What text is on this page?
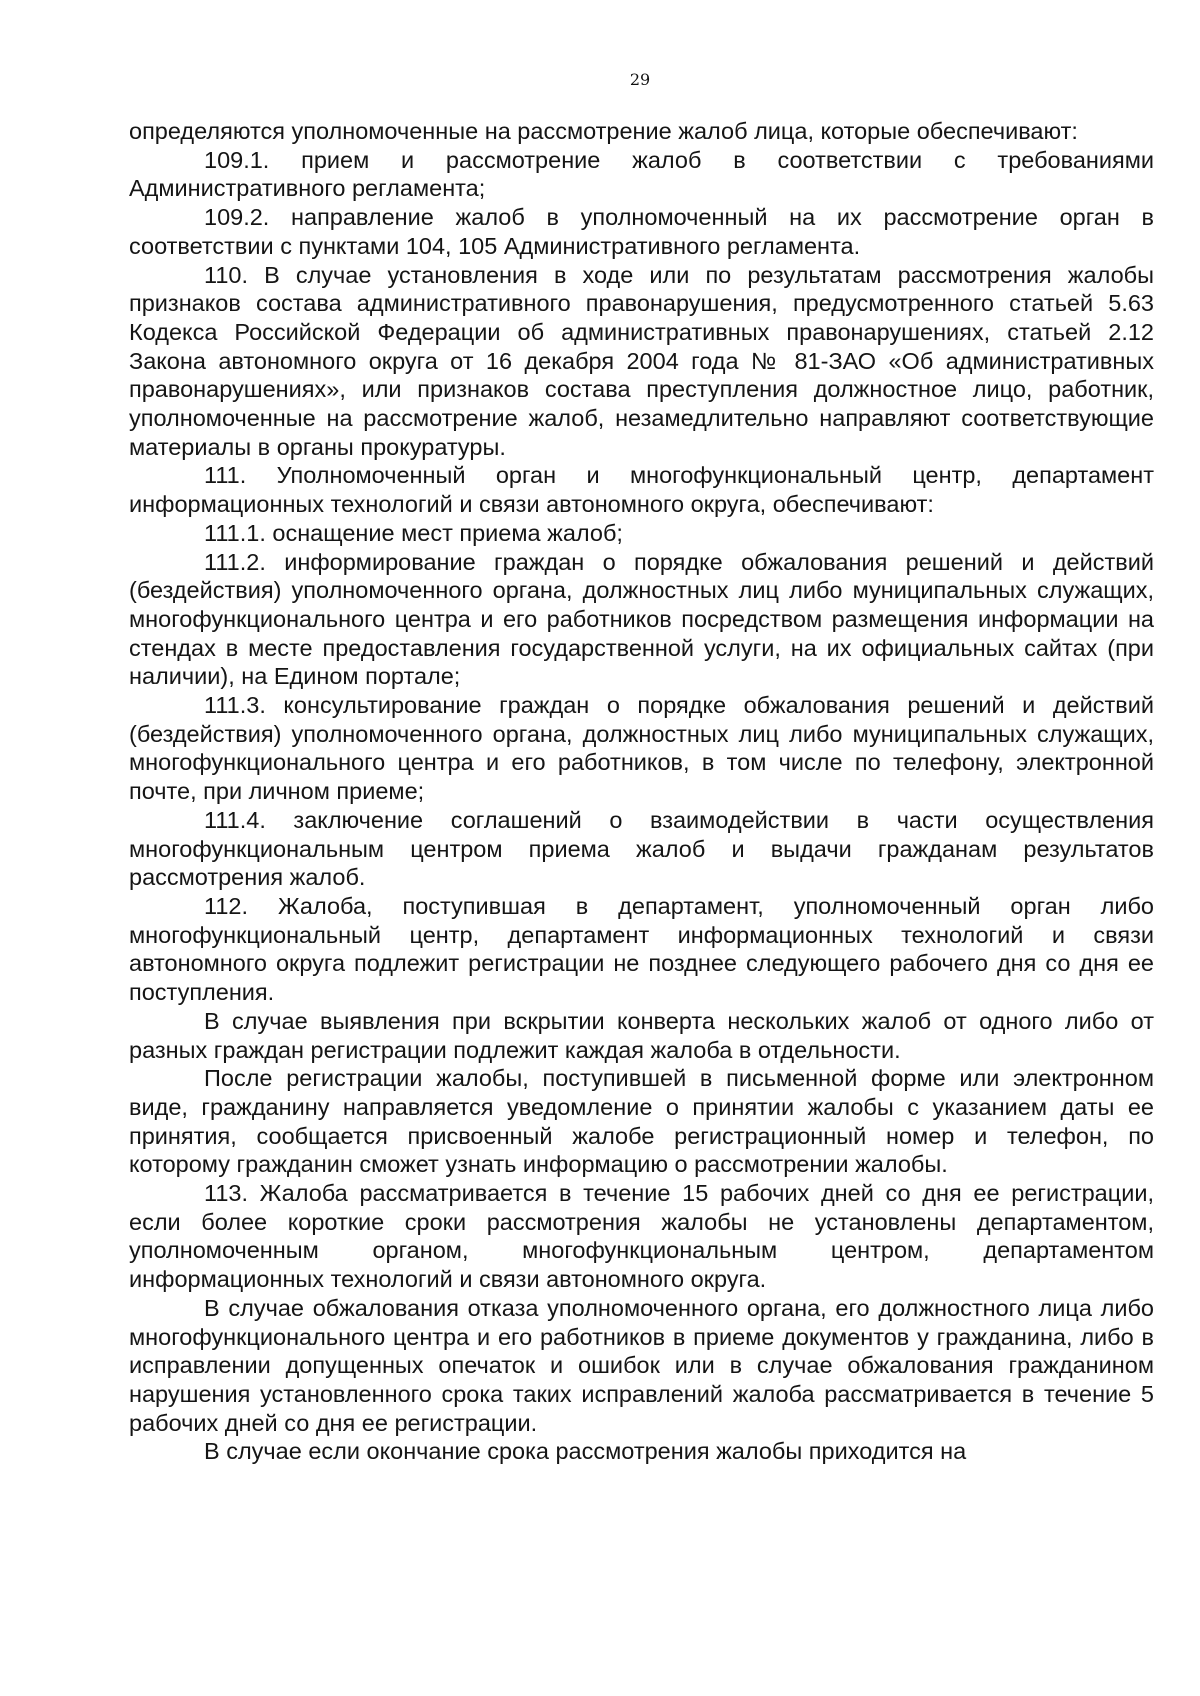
29

определяются уполномоченные на рассмотрение жалоб лица, которые обеспечивают:

109.1. прием и рассмотрение жалоб в соответствии с требованиями Административного регламента;

109.2. направление жалоб в уполномоченный на их рассмотрение орган в соответствии с пунктами 104, 105 Административного регламента.

110. В случае установления в ходе или по результатам рассмотрения жалобы признаков состава административного правонарушения, предусмотренного статьей 5.63 Кодекса Российской Федерации об административных правонарушениях, статьей 2.12 Закона автономного округа от 16 декабря 2004 года № 81-ЗАО «Об административных правонарушениях», или признаков состава преступления должностное лицо, работник, уполномоченные на рассмотрение жалоб, незамедлительно направляют соответствующие материалы в органы прокуратуры.

111. Уполномоченный орган и многофункциональный центр, департамент информационных технологий и связи автономного округа, обеспечивают:

111.1. оснащение мест приема жалоб;

111.2. информирование граждан о порядке обжалования решений и действий (бездействия) уполномоченного органа, должностных лиц либо муниципальных служащих, многофункционального центра и его работников посредством размещения информации на стендах в месте предоставления государственной услуги, на их официальных сайтах (при наличии), на Едином портале;

111.3. консультирование граждан о порядке обжалования решений и действий (бездействия) уполномоченного органа, должностных лиц либо муниципальных служащих, многофункционального центра и его работников, в том числе по телефону, электронной почте, при личном приеме;

111.4. заключение соглашений о взаимодействии в части осуществления многофункциональным центром приема жалоб и выдачи гражданам результатов рассмотрения жалоб.

112. Жалоба, поступившая в департамент, уполномоченный орган либо многофункциональный центр, департамент информационных технологий и связи автономного округа подлежит регистрации не позднее следующего рабочего дня со дня ее поступления.

В случае выявления при вскрытии конверта нескольких жалоб от одного либо от разных граждан регистрации подлежит каждая жалоба в отдельности.

После регистрации жалобы, поступившей в письменной форме или электронном виде, гражданину направляется уведомление о принятии жалобы с указанием даты ее принятия, сообщается присвоенный жалобе регистрационный номер и телефон, по которому гражданин сможет узнать информацию о рассмотрении жалобы.

113. Жалоба рассматривается в течение 15 рабочих дней со дня ее регистрации, если более короткие сроки рассмотрения жалобы не установлены департаментом, уполномоченным органом, многофункциональным центром, департаментом информационных технологий и связи автономного округа.

В случае обжалования отказа уполномоченного органа, его должностного лица либо многофункционального центра и его работников в приеме документов у гражданина, либо в исправлении допущенных опечаток и ошибок или в случае обжалования гражданином нарушения установленного срока таких исправлений жалоба рассматривается в течение 5 рабочих дней со дня ее регистрации.

В случае если окончание срока рассмотрения жалобы приходится на
